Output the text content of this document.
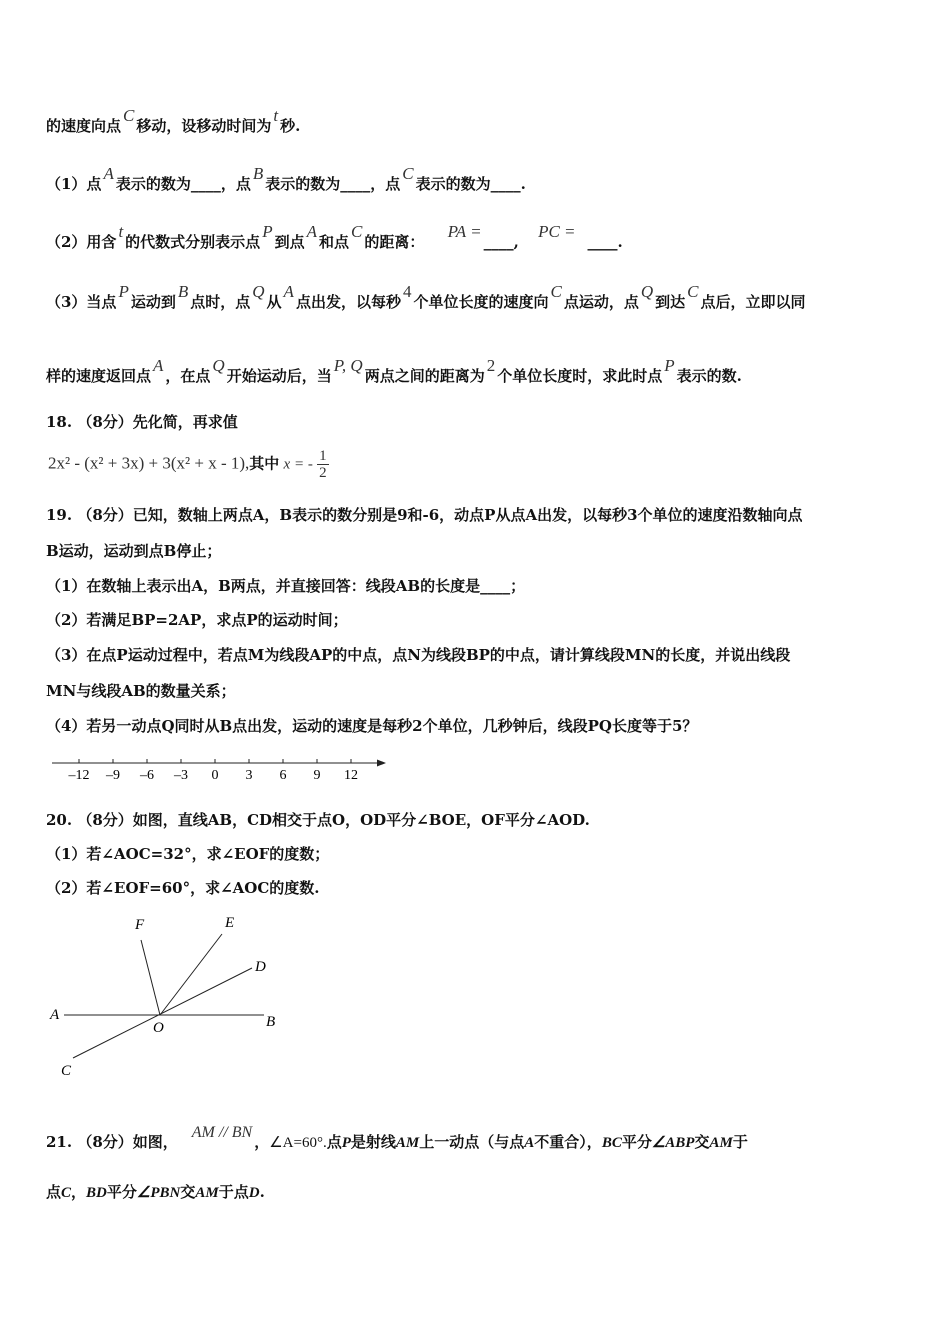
的速度向点C移动，设移动时间为t秒.
（1）点A表示的数为____，点B表示的数为____，点C表示的数为____.
（2）用含t的代数式分别表示点P到点A和点C的距离： PA =____, PC =____.
（3）当点P运动到B点时，点Q从A点出发，以每秒4个单位长度的速度向C点运动，点Q到达C点后，立即以同
样的速度返回点A，在点Q开始运动后，当P, Q两点之间的距离为2个单位长度时，求此时点P表示的数.
18. （8分）先化简，再求值
2x² - (x² + 3x) + 3(x² + x - 1),其中 x = - $\frac{1}{2}$
19. （8分）已知，数轴上两点A，B表示的数分别是9和-6，动点P从点A出发，以每秒3个单位的速度沿数轴向点
B运动，运动到点B停止；
（1）在数轴上表示出A，B两点，并直接回答：线段AB的长度是____；
（2）若满足BP=2AP，求点P的运动时间；
（3）在点P运动过程中，若点M为线段AP的中点，点N为线段BP的中点，请计算线段MN的长度，并说出线段
MN与线段AB的数量关系；
（4）若另一动点Q同时从B点出发，运动的速度是每秒2个单位，几秒钟后，线段PQ长度等于5？
–12 –9 –6 –3 0 3 6 9 12
20. （8分）如图，直线AB，CD相交于点O，OD平分∠BOE，OF平分∠AOD.
（1）若∠AOC=32°，求∠EOF的度数；
（2）若∠EOF=60°，求∠AOC的度数.
F	E
D
A
O	B
C
21. （8分）如图，AM // BN，∠A=60°.点P是射线AM上一动点（与点A不重合），BC平分∠ABP交AM于
点C，BD平分∠PBN交AM于点D.
